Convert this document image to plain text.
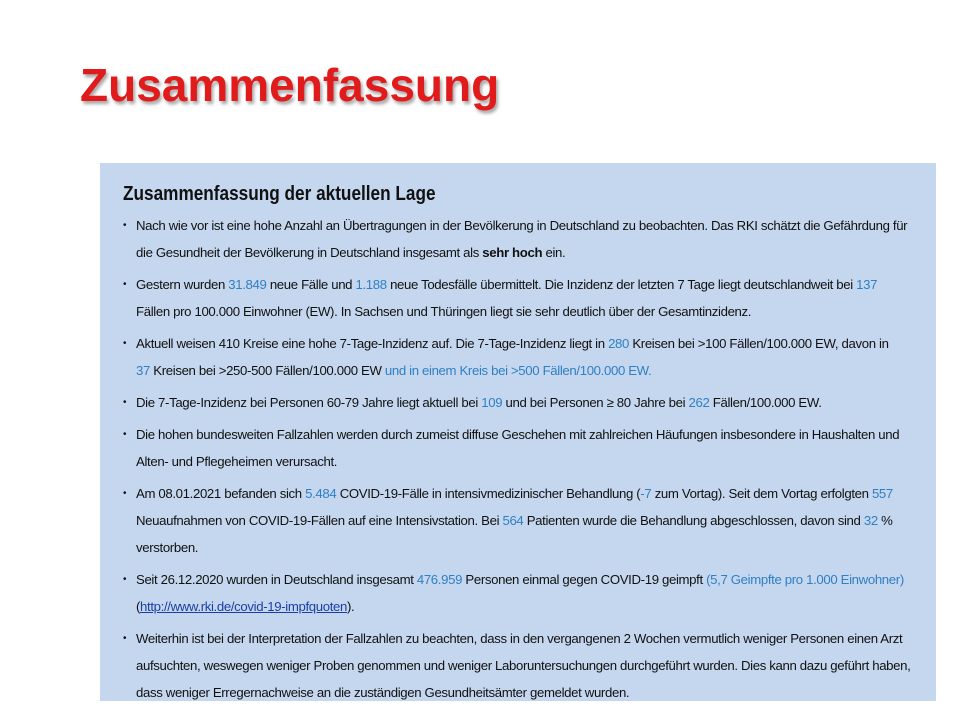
Zusammenfassung
Zusammenfassung der aktuellen Lage
• Nach wie vor ist eine hohe Anzahl an Übertragungen in der Bevölkerung in Deutschland zu beobachten. Das RKI schätzt die Gefährdung für
die Gesundheit der Bevölkerung in Deutschland insgesamt als sehr hoch ein.
• Gestern wurden 31.849 neue Fälle und 1.188 neue Todesfälle übermittelt. Die Inzidenz der letzten 7 Tage liegt deutschlandweit bei 137
Fällen pro 100.000 Einwohner (EW). In Sachsen und Thüringen liegt sie sehr deutlich über der Gesamtinzidenz.
• Aktuell weisen 410 Kreise eine hohe 7-Tage-Inzidenz auf. Die 7-Tage-Inzidenz liegt in 280 Kreisen bei >100 Fällen/100.000 EW, davon in
37 Kreisen bei >250-500 Fällen/100.000 EW und in einem Kreis bei >500 Fällen/100.000 EW.
• Die 7-Tage-Inzidenz bei Personen 60-79 Jahre liegt aktuell bei 109 und bei Personen ≥ 80 Jahre bei 262 Fällen/100.000 EW.
• Die hohen bundesweiten Fallzahlen werden durch zumeist diffuse Geschehen mit zahlreichen Häufungen insbesondere in Haushalten und
Alten- und Pflegeheimen verursacht.
• Am 08.01.2021 befanden sich 5.484 COVID-19-Fälle in intensivmedizinischer Behandlung (-7 zum Vortag). Seit dem Vortag erfolgten 557
Neuaufnahmen von COVID-19-Fällen auf eine Intensivstation. Bei 564 Patienten wurde die Behandlung abgeschlossen, davon sind 32 %
verstorben.
• Seit 26.12.2020 wurden in Deutschland insgesamt 476.959 Personen einmal gegen COVID-19 geimpft (5,7 Geimpfte pro 1.000 Einwohner)
(http://www.rki.de/covid-19-impfquoten).
• Weiterhin ist bei der Interpretation der Fallzahlen zu beachten, dass in den vergangenen 2 Wochen vermutlich weniger Personen einen Arzt
aufsuchten, weswegen weniger Proben genommen und weniger Laboruntersuchungen durchgeführt wurden. Dies kann dazu geführt haben,
dass weniger Erregernachweise an die zuständigen Gesundheitsämter gemeldet wurden.
